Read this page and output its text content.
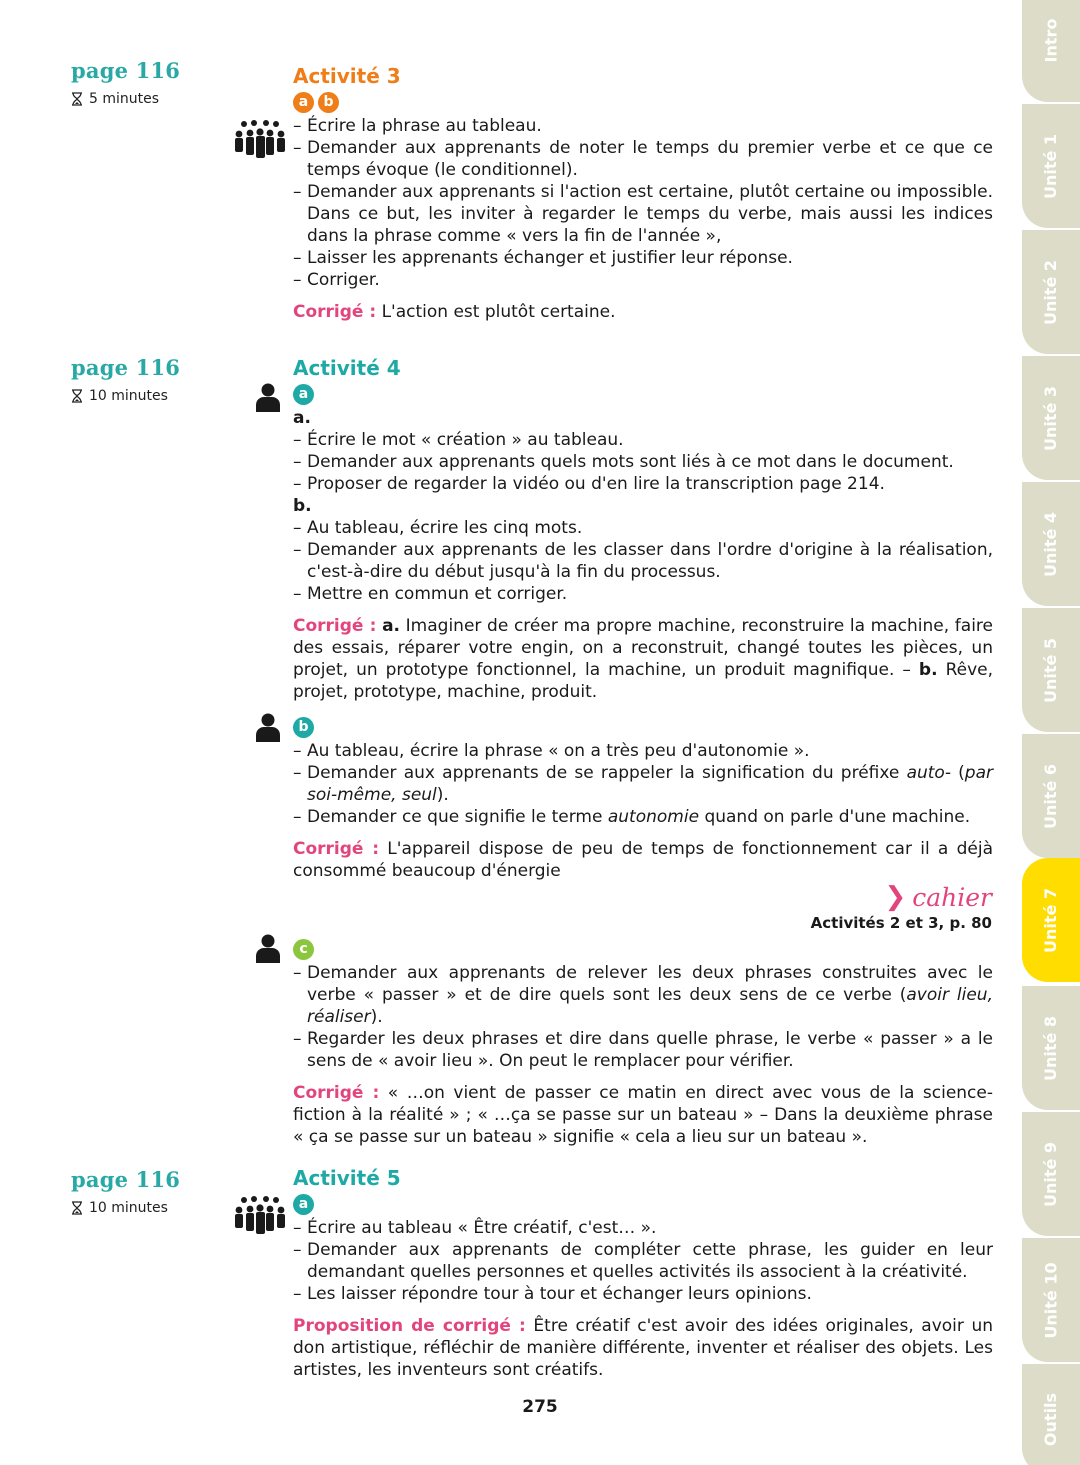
page 116
5 minutes
Activité 3
a	b
– Écrire la phrase au tableau.
– Demander aux apprenants de noter le temps du premier verbe et ce que ce temps évoque (le conditionnel).
– Demander aux apprenants si l'action est certaine, plutôt certaine ou impossible. Dans ce but, les inviter à regarder le temps du verbe, mais aussi les indices dans la phrase comme « vers la fin de l'année »,
– Laisser les apprenants échanger et justifier leur réponse.
– Corriger.

Corrigé : L'action est plutôt certaine.

page 116
10 minutes
Activité 4
a
a.
– Écrire le mot « création » au tableau.
– Demander aux apprenants quels mots sont liés à ce mot dans le document.
– Proposer de regarder la vidéo ou d'en lire la transcription page 214.
b.
– Au tableau, écrire les cinq mots.
– Demander aux apprenants de les classer dans l'ordre d'origine à la réalisation, c'est-à-dire du début jusqu'à la fin du processus.
– Mettre en commun et corriger.

Corrigé : a. Imaginer de créer ma propre machine, reconstruire la machine, faire des essais, réparer votre engin, on a reconstruit, changé toutes les pièces, un projet, un prototype fonctionnel, la machine, un produit magnifique. – b. Rêve, projet, prototype, machine, produit.

b
– Au tableau, écrire la phrase « on a très peu d'autonomie ».
– Demander aux apprenants de se rappeler la signification du préfixe auto- (par soi-même, seul).
– Demander ce que signifie le terme autonomie quand on parle d'une machine.

Corrigé : L'appareil dispose de peu de temps de fonctionnement car il a déjà consommé beaucoup d'énergie

❯ cahier
Activités 2 et 3, p. 80
c
– Demander aux apprenants de relever les deux phrases construites avec le verbe « passer » et de dire quels sont les deux sens de ce verbe (avoir lieu, réaliser).
– Regarder les deux phrases et dire dans quelle phrase, le verbe « passer » a le sens de « avoir lieu ». On peut le remplacer pour vérifier.

Corrigé : « …on vient de passer ce matin en direct avec vous de la science-fiction à la réalité » ; « …ça se passe sur un bateau » – Dans la deuxième phrase « ça se passe sur un bateau » signifie « cela a lieu sur un bateau ».

page 116
10 minutes
Activité 5
a
– Écrire au tableau « Être créatif, c'est… ».
– Demander aux apprenants de compléter cette phrase, les guider en leur demandant quelles personnes et quelles activités ils associent à la créativité.
– Les laisser répondre tour à tour et échanger leurs opinions.

Proposition de corrigé : Être créatif c'est avoir des idées originales, avoir un don artistique, réfléchir de manière différente, inventer et réaliser des objets. Les artistes, les inventeurs sont créatifs.

275
Intro
Unité 1
Unité 2
Unité 3
Unité 4
Unité 5
Unité 6
Unité 7
Unité 8
Unité 9
Unité 10
Outils
